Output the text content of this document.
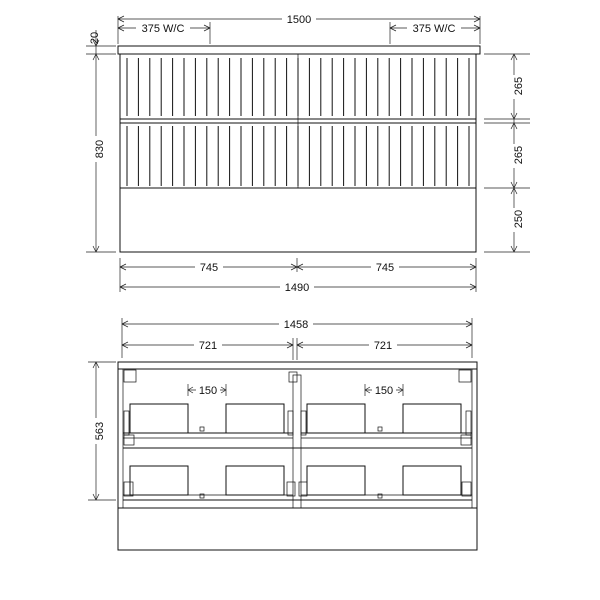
1500
375 W/C	375 W/C
20
830
265
265
250
745	745
1490
150	150
1458
721	721
563
